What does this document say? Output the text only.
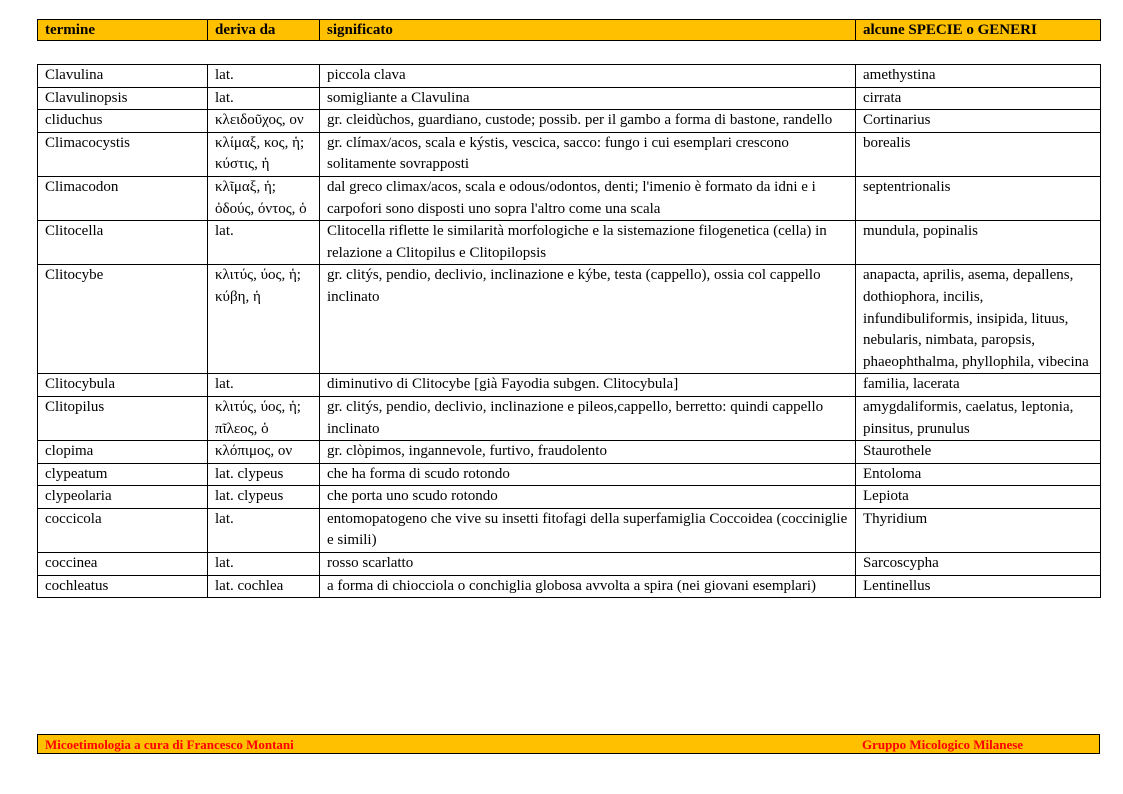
termine	deriva da	significato	alcune SPECIE o GENERI
Clavulina	lat.	piccola clava	amethystina
Clavulinopsis	lat.	somigliante a Clavulina	cirrata
cliduchus	κλειδοῦχος, ον	gr. cleidùchos, guardiano, custode; possib. per il gambo a forma di bastone, randello	Cortinarius
Climacocystis	κλίμαξ, κος, ἡ; κύστις, ἡ	gr. clímax/acos, scala e kýstis, vescica, sacco: fungo i cui esemplari crescono solitamente sovrapposti	borealis
Climacodon	κλῖμαξ, ἡ; ὀδούς, όντος, ὁ	dal greco climax/acos, scala e odous/odontos, denti; l'imenio è formato da idni e i carpofori sono disposti uno sopra l'altro come una scala	septentrionalis
Clitocella	lat.	Clitocella riflette le similarità morfologiche e la sistemazione filogenetica (cella) in relazione a Clitopilus e Clitopilopsis	mundula, popinalis
Clitocybe	κλιτύς, ύος, ἡ; κύβη, ἡ	gr. clitýs, pendio, declivio, inclinazione e kýbe, testa (cappello), ossia col cappello inclinato	anapacta, aprilis, asema, depallens, dothiophora, incilis, infundibuliformis, insipida, lituus, nebularis, nimbata, paropsis, phaeophthalma, phyllophila, vibecina
Clitocybula	lat.	diminutivo di Clitocybe [già Fayodia subgen. Clitocybula]	familia, lacerata
Clitopilus	κλιτύς, ύος, ἡ; πῖλεος, ὁ	gr. clitýs, pendio, declivio, inclinazione e pileos,cappello, berretto: quindi cappello inclinato	amygdaliformis, caelatus, leptonia, pinsitus, prunulus
clopima	κλόπιμος, ον	gr. clòpimos, ingannevole, furtivo, fraudolento	Staurothele
clypeatum	lat. clypeus	che ha forma di scudo rotondo	Entoloma
clypeolaria	lat. clypeus	che porta uno scudo rotondo	Lepiota
coccicola	lat.	entomopatogeno che vive su insetti fitofagi della superfamiglia Coccoidea (cocciniglie e simili)	Thyridium
coccinea	lat.	rosso scarlatto	Sarcoscypha
cochleatus	lat. cochlea	a forma di chiocciola o conchiglia globosa avvolta a spira (nei giovani esemplari)	Lentinellus
Micoetimologia a cura di Francesco Montani	Gruppo Micologico Milanese
